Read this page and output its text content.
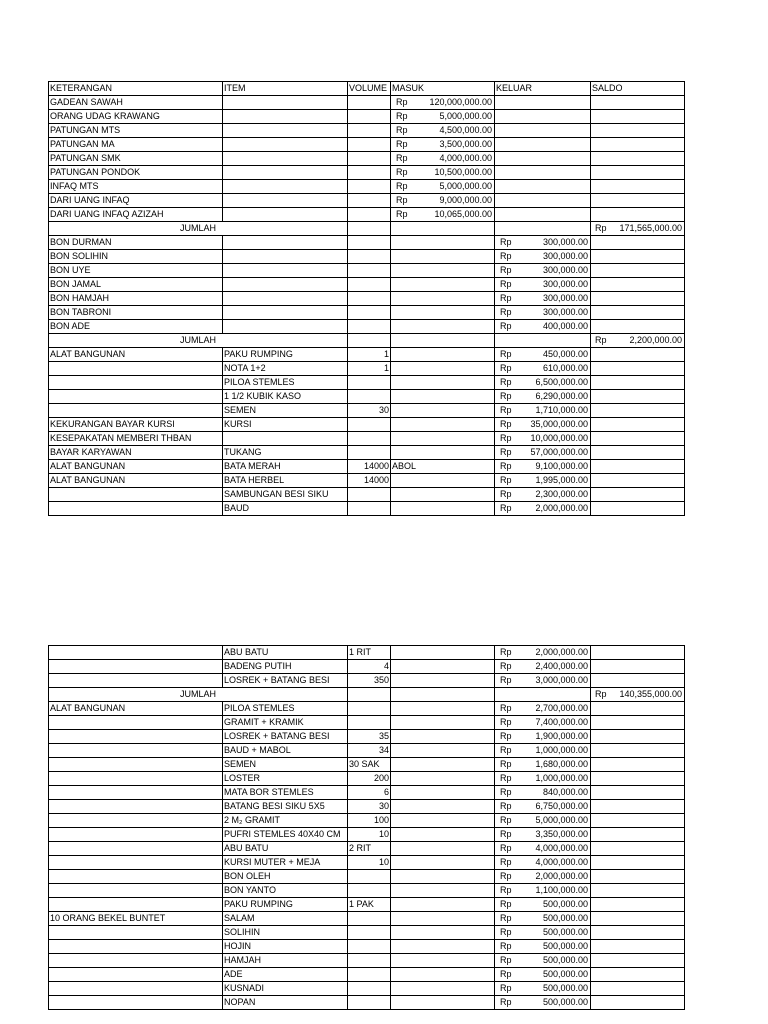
KETERANGAN	ITEM	VOLUME	MASUK	KELUAR	SALDO
GADEAN SAWAH			Rp 120,000,000.00		

ORANG UDAG KRAWANG			Rp 5,000,000.00		

PATUNGAN MTS			Rp 4,500,000.00		

PATUNGAN MA			Rp 3,500,000.00		

PATUNGAN SMK			Rp 4,000,000.00		

PATUNGAN PONDOK			Rp 10,500,000.00		

INFAQ MTS			Rp 5,000,000.00		

DARI UANG INFAQ			Rp 9,000,000.00		

DARI UANG INFAQ AZIZAH			Rp 10,065,000.00		

JUMLAH					Rp 171,565,000.00

BON DURMAN				Rp 300,000.00	

BON SOLIHIN				Rp 300,000.00	

BON UYE				Rp 300,000.00	

BON JAMAL				Rp 300,000.00	

BON HAMJAH				Rp 300,000.00	

BON TABRONI				Rp 300,000.00	

BON ADE				Rp 400,000.00	

JUMLAH					Rp 2,200,000.00

ALAT BANGUNAN	PAKU RUMPING	1		Rp 450,000.00	

	NOTA 1+2	1		Rp 610,000.00	

	PILOA STEMLES			Rp 6,500,000.00	

	1 1/2 KUBIK KASO			Rp 6,290,000.00	

	SEMEN	30		Rp 1,710,000.00	

KEKURANGAN BAYAR KURSI	KURSI			Rp 35,000,000.00	

KESEPAKATAN MEMBERI THBAN				Rp 10,000,000.00	

BAYAR KARYAWAN	TUKANG			Rp 57,000,000.00	

ALAT BANGUNAN	BATA MERAH	14000	ABOL	Rp 9,100,000.00	

ALAT BANGUNAN	BATA HERBEL	14000		Rp 1,995,000.00	

	SAMBUNGAN BESI SIKU			Rp 2,300,000.00	

	BAUD			Rp 2,000,000.00	

	ABU BATU	1 RIT		Rp 2,000,000.00	

	BADENG PUTIH	4		Rp 2,400,000.00	

	LOSREK + BATANG BESI	350		Rp 3,000,000.00	

JUMLAH					Rp 140,355,000.00

ALAT BANGUNAN	PILOA STEMLES			Rp 2,700,000.00	

	GRAMIT + KRAMIK			Rp 7,400,000.00	

	LOSREK + BATANG BESI	35		Rp 1,900,000.00	

	BAUD + MABOL	34		Rp 1,000,000.00	

	SEMEN	30 SAK		Rp 1,680,000.00	

	LOSTER	200		Rp 1,000,000.00	

	MATA BOR STEMLES	6		Rp 840,000.00	

	BATANG BESI SIKU 5X5	30		Rp 6,750,000.00	

	2 M₂ GRAMIT	100		Rp 5,000,000.00	

	PUFRI STEMLES 40X40 CM	10		Rp 3,350,000.00	

	ABU BATU	2 RIT		Rp 4,000,000.00	

	KURSI MUTER + MEJA	10		Rp 4,000,000.00	

	BON OLEH			Rp 2,000,000.00	

	BON YANTO			Rp 1,100,000.00	

	PAKU RUMPING	1 PAK		Rp 500,000.00	

10 ORANG BEKEL BUNTET	SALAM			Rp 500,000.00	

	SOLIHIN			Rp 500,000.00	

	HOJIN			Rp 500,000.00	

	HAMJAH			Rp 500,000.00	

	ADE			Rp 500,000.00	

	KUSNADI			Rp 500,000.00	

	NOPAN			Rp 500,000.00	
